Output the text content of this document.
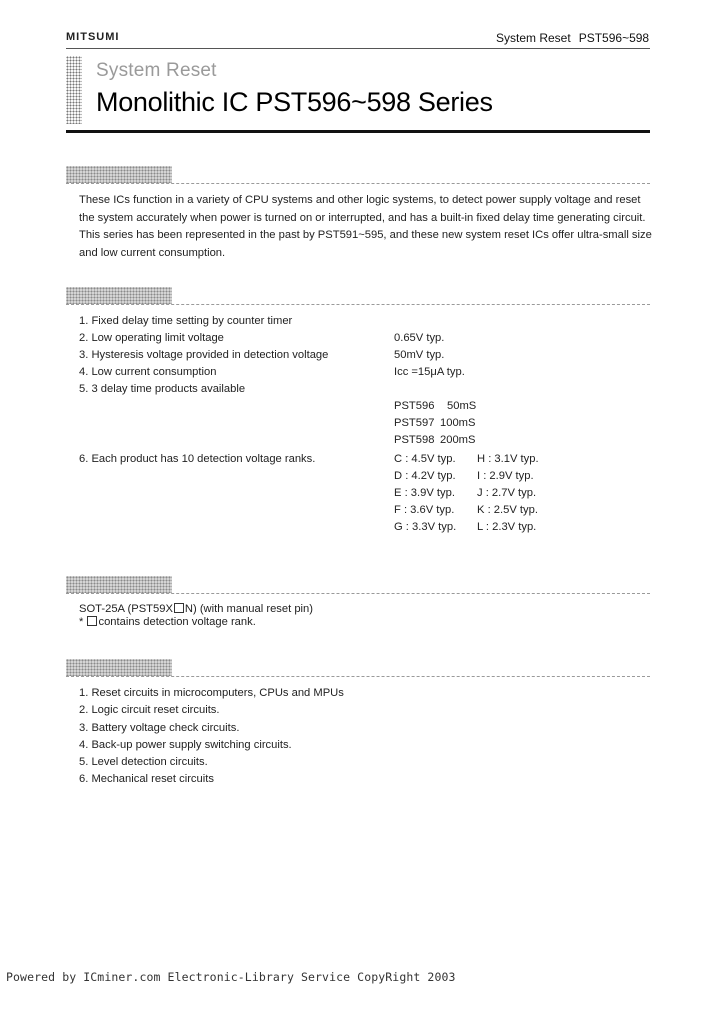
MITSUMI	System Reset PST596~598
System Reset
Monolithic IC PST596~598 Series
These ICs function in a variety of CPU systems and other logic systems, to detect power supply voltage and reset the system accurately when power is turned on or interrupted, and has a built-in fixed delay time generating circuit. This series has been represented in the past by PST591~595, and these new system reset ICs offer ultra-small size and low current consumption.
1. Fixed delay time setting by counter timer
2. Low operating limit voltage	0.65V typ.
3. Hysteresis voltage provided in detection voltage	50mV typ.
4. Low current consumption	Icc =15μA typ.
5. 3 delay time products available
PST596 50mS
PST597 100mS
PST598 200mS
6. Each product has 10 detection voltage ranks.	C : 4.5V typ. H : 3.1V typ.
D : 4.2V typ. I : 2.9V typ.
E : 3.9V typ. J : 2.7V typ.
F : 3.6V typ. K : 2.5V typ.
G : 3.3V typ. L : 2.3V typ.
SOT-25A (PST59X N) (with manual reset pin)
* contains detection voltage rank.
1. Reset circuits in microcomputers, CPUs and MPUs
2. Logic circuit reset circuits.
3. Battery voltage check circuits.
4. Back-up power supply switching circuits.
5. Level detection circuits.
6. Mechanical reset circuits
Powered by ICminer.com Electronic-Library Service CopyRight 2003
